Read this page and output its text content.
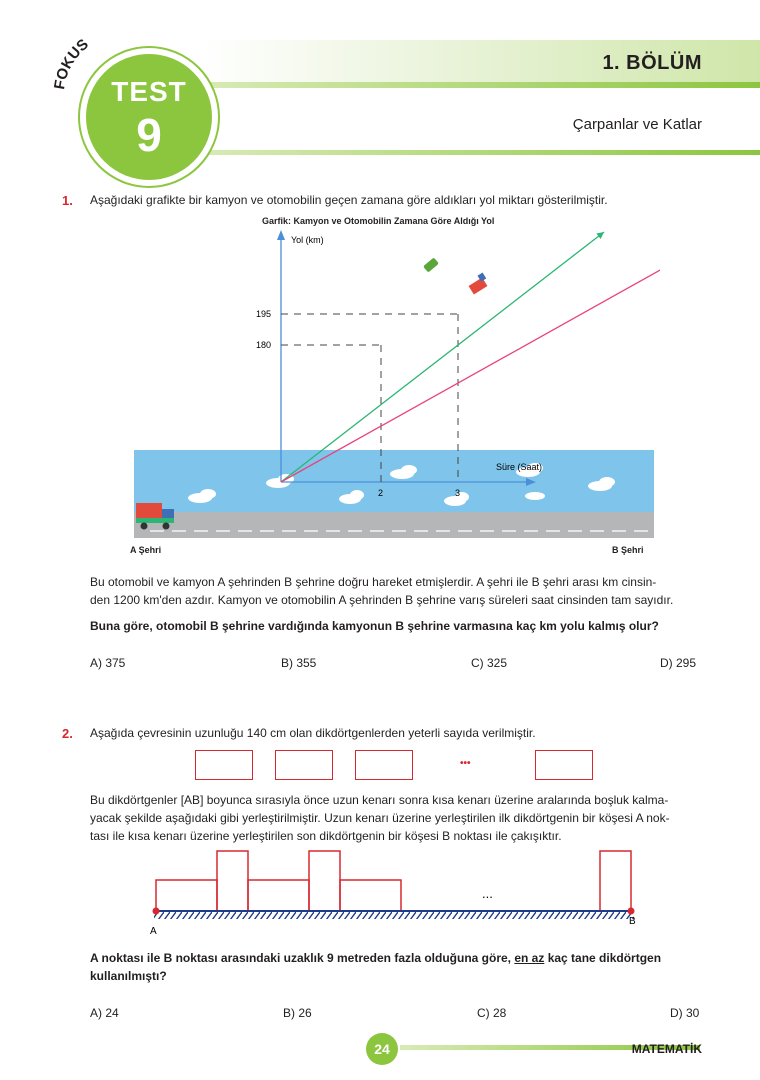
1. BÖLÜM
Çarpanlar ve Katlar
FOKUS
TEST
9
1. Aşağıdaki grafikte bir kamyon ve otomobilin geçen zamana göre aldıkları yol miktarı gösterilmiştir.
Garfik: Kamyon ve Otomobilin Zamana Göre Aldığı Yol
195
180
2	3
Yol (km)
Süre (Saat)
A Şehri	B Şehri
Bu otomobil ve kamyon A şehrinden B şehrine doğru hareket etmişlerdir. A şehri ile B şehri arası km cinsin-
den 1200 km'den azdır. Kamyon ve otomobilin A şehrinden B şehrine varış süreleri saat cinsinden tam sayıdır.
Buna göre, otomobil B şehrine vardığında kamyonun B şehrine varmasına kaç km yolu kalmış olur?
A) 375	B) 355	C) 325	D) 295
2. Aşağıda çevresinin uzunluğu 140 cm olan dikdörtgenlerden yeterli sayıda verilmiştir.
•••
Bu dikdörtgenler [AB] boyunca sırasıyla önce uzun kenarı sonra kısa kenarı üzerine aralarında boşluk kalma-
yacak şekilde aşağıdaki gibi yerleştirilmiştir. Uzun kenarı üzerine yerleştirilen ilk dikdörtgenin bir köşesi A nok-
tası ile kısa kenarı üzerine yerleştirilen son dikdörtgenin bir köşesi B noktası ile çakışıktır.
...
A
B
A noktası ile B noktası arasındaki uzaklık 9 metreden fazla olduğuna göre, en az kaç tane dikdörtgen
kullanılmıştı?
A) 24	B) 26	C) 28	D) 30
24	MATEMATİK
